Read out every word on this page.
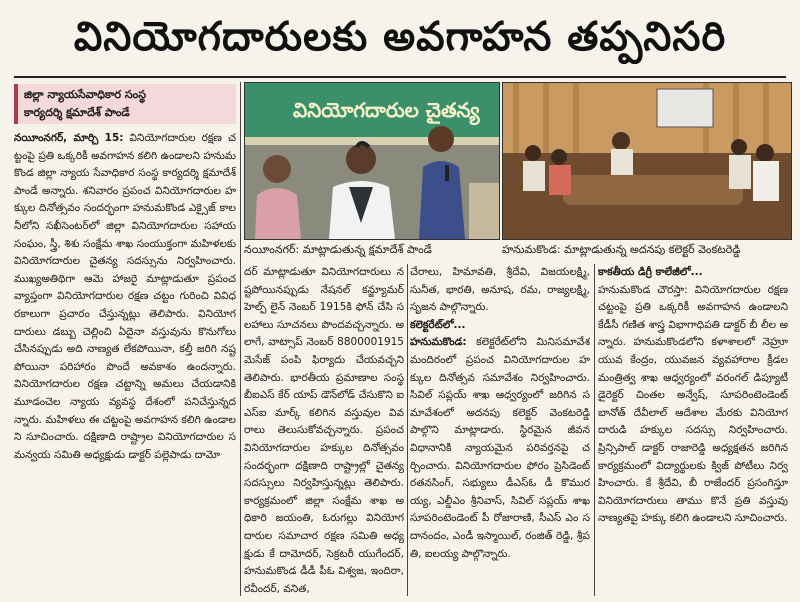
వినియోగదారులకు అవగాహన తప్పనిసరి
జిల్లా న్యాయసేవాధికార సంస్థ
కార్యదర్శి క్షమాదేశ్ పాండే	వినియోగదారుల చైతన్య
నయీంనగర్‌: మాట్లాడుతున్న క్షమాదేశ్ పాండే	హనుమకొండ: మాట్లాడుతున్న అదనపు కలెక్టర్ వెంకటరెడ్డి
నయీంనగర్‌, మార్చి 15: వినియోగదారుల రక్షణ చట్టంపై ప్రతి ఒక్కరికీ అవగాహన కలిగి ఉండాలని హనుమకొండ జిల్లా న్యాయ సేవాధికార సంస్థ కార్యదర్శి క్షమాదేశ్ పాండే అన్నారు. శనివారం ప్రపంచ వినియోగదారుల హక్కుల దినోత్సవం సందర్భంగా హనుమకొండ ఎక్సైజ్ కాలనీలోని సఖీసెంటర్‌లో జిల్లా వినియోగదారుల సహాయ సంఘం, స్త్రీ, శిశు సంక్షేమ శాఖ సంయుక్తంగా మహిళలకు వినియోగదారుల చైతన్య సదస్సును నిర్వహించారు. ముఖ్యఅతిథిగా ఆమె హాజరై మాట్లాడుతూ ప్రపంచవ్యాప్తంగా వినియోగదారుల రక్షణ చట్టం గురించి వివిధ రకాలుగా ప్రచారం చేస్తున్నట్లు తెలిపారు. వినియోగదారులు డబ్బు చెల్లించి ఏదైనా వస్తువును కొనుగోలు చేసినప్పుడు అది నాణ్యత లేకపోయినా, కల్తీ జరిగి నష్టపోయినా పరిహారం పొందే అవకాశం ఉందన్నారు. వినియోగదారుల రక్షణ చట్టాన్ని అమలు చేయడానికి మూడంచెల న్యాయ వ్యవస్థ దేశంలో పనిచేస్తున్నదన్నారు. మహిళలు ఈ చట్టంపై అవగాహన కలిగి ఉండాలని సూచించారు. దక్షిణాది రాష్ట్రాల వినియోగదారుల సమన్వయ సమితి అధ్యక్షుడు డాక్టర్ పల్లెపాడు దామో
దర్ మాట్లాడుతూ వినియోగదారులు నష్టపోయినప్పుడు నేషనల్ కన్జ్యూమర్ హెల్ప్ లైన్ నెంబర్ 1915కి ఫోన్ చేసి సలహాలు సూచనలు పొందవచ్చన్నారు. అలాగే, వాట్సాప్ నెంబర్ 8800001915 మెసేజ్ పంపి ఫిర్యాదు చేయవచ్చని తెలిపారు. భారతీయ ప్రమాణాల సంస్థ బీఐఎస్ కేర్ యాప్ డౌన్‌లోడ్ చేసుకొని ఐఎస్ఐ మార్క్ కలిగిన వస్తువుల వివరాలు తెలుసుకోవచ్చన్నారు. ప్రపంచ వినియోగదారుల హక్కుల దినోత్సవం సందర్భంగా దక్షిణాది రాష్ట్రాల్లో చైతన్య సదస్సులు నిర్వహిస్తున్నట్లు తెలిపారు. కార్యక్రమంలో జిల్లా సంక్షేమ శాఖ అధికారి జయంతి, ఓరుగల్లు వినియోగదారుల సమాచార రక్షణ సమితి అధ్యక్షుడు కే దామోదర్, సెక్రటరీ యుగేందర్, హనుమకొండ డీడీ పీఓ విశ్వజ, ఇందిరా, రవీందర్, వనిత,
చేరాలు, హిమావతి, శ్రీదేవి, విజయలక్ష్మి, సునీత, భారతి, అనూష, రమ, రాజ్యలక్ష్మి, సృజన పాల్గొన్నారు.
కలెక్టరేట్‌లో...
హనుమకొండ: కలెక్టరేట్‌లోని మినిసమావేశ మందిరంలో ప్రపంచ వినియోగదారుల హక్కుల దినోత్సవ సమావేశం నిర్వహించారు. సివిల్ సప్లయ్ శాఖ ఆధ్వర్యంలో జరిగిన సమావేశంలో అదనపు కలెక్టర్ వెంకటరెడ్డి పాల్గొని మాట్లాడారు. స్థిరమైన జీవన విధానానికి న్యాయమైన పరివర్తనపై చర్చించారు. వినియోగదారుల ఫోరం ప్రెసిడెంట్ రతనసింగ్, సభ్యులు డీఎస్ఓ డీ కొమురయ్య, ఎల్డీఎం శ్రీనివాస్, సివిల్ సప్లయ్ శాఖ సూపరింటెండెంట్ పీ రోజారాణి, సీఎస్ ఎం సదానందం, ఎండీ ఇస్మాయిల్, రంజిత్ రెడ్డి, శ్రీపతి, ఐలయ్య పాల్గొన్నారు.
కాకతీయ డిగ్రీ కాలేజీలో...
హనుమకొండ చౌరస్తా: వినియోగదారుల రక్షణ చట్టంపై ప్రతి ఒక్కరికీ అవగాహన ఉండాలని కేడీసీ గణిత శాస్త్ర విభాగాధిపతి డాక్టర్ బీ లీల అన్నారు. హనుమకొండలోని కళాశాలలో నెహ్రూ యువ కేంద్రం, యువజన వ్యవహారాల క్రీడల మంత్రిత్వ శాఖ ఆధ్వర్యంలో వరంగల్ డిప్యూటీ డైరెక్టర్ చింతల అన్వేష్, సూపరింటెండెంట్ బానోత్ దేవీలాల్ ఆదేశాల మేరకు వినియోగదారుడి హక్కుల సదస్సు నిర్వహించారు. ప్రిన్సిపాల్ డాక్టర్ రాజారెడ్డి అధ్యక్షతన జరిగిన కార్యక్రమంలో విద్యార్థులకు క్విజ్ పోటీలు నిర్వహించారు. కే శ్రీదేవి, బీ రాజేందర్ ప్రసంగిస్తూ వినియోగదారులు తాము కొనే ప్రతి వస్తువు నాణ్యతపై హక్కు కలిగి ఉండాలని సూచించారు.
